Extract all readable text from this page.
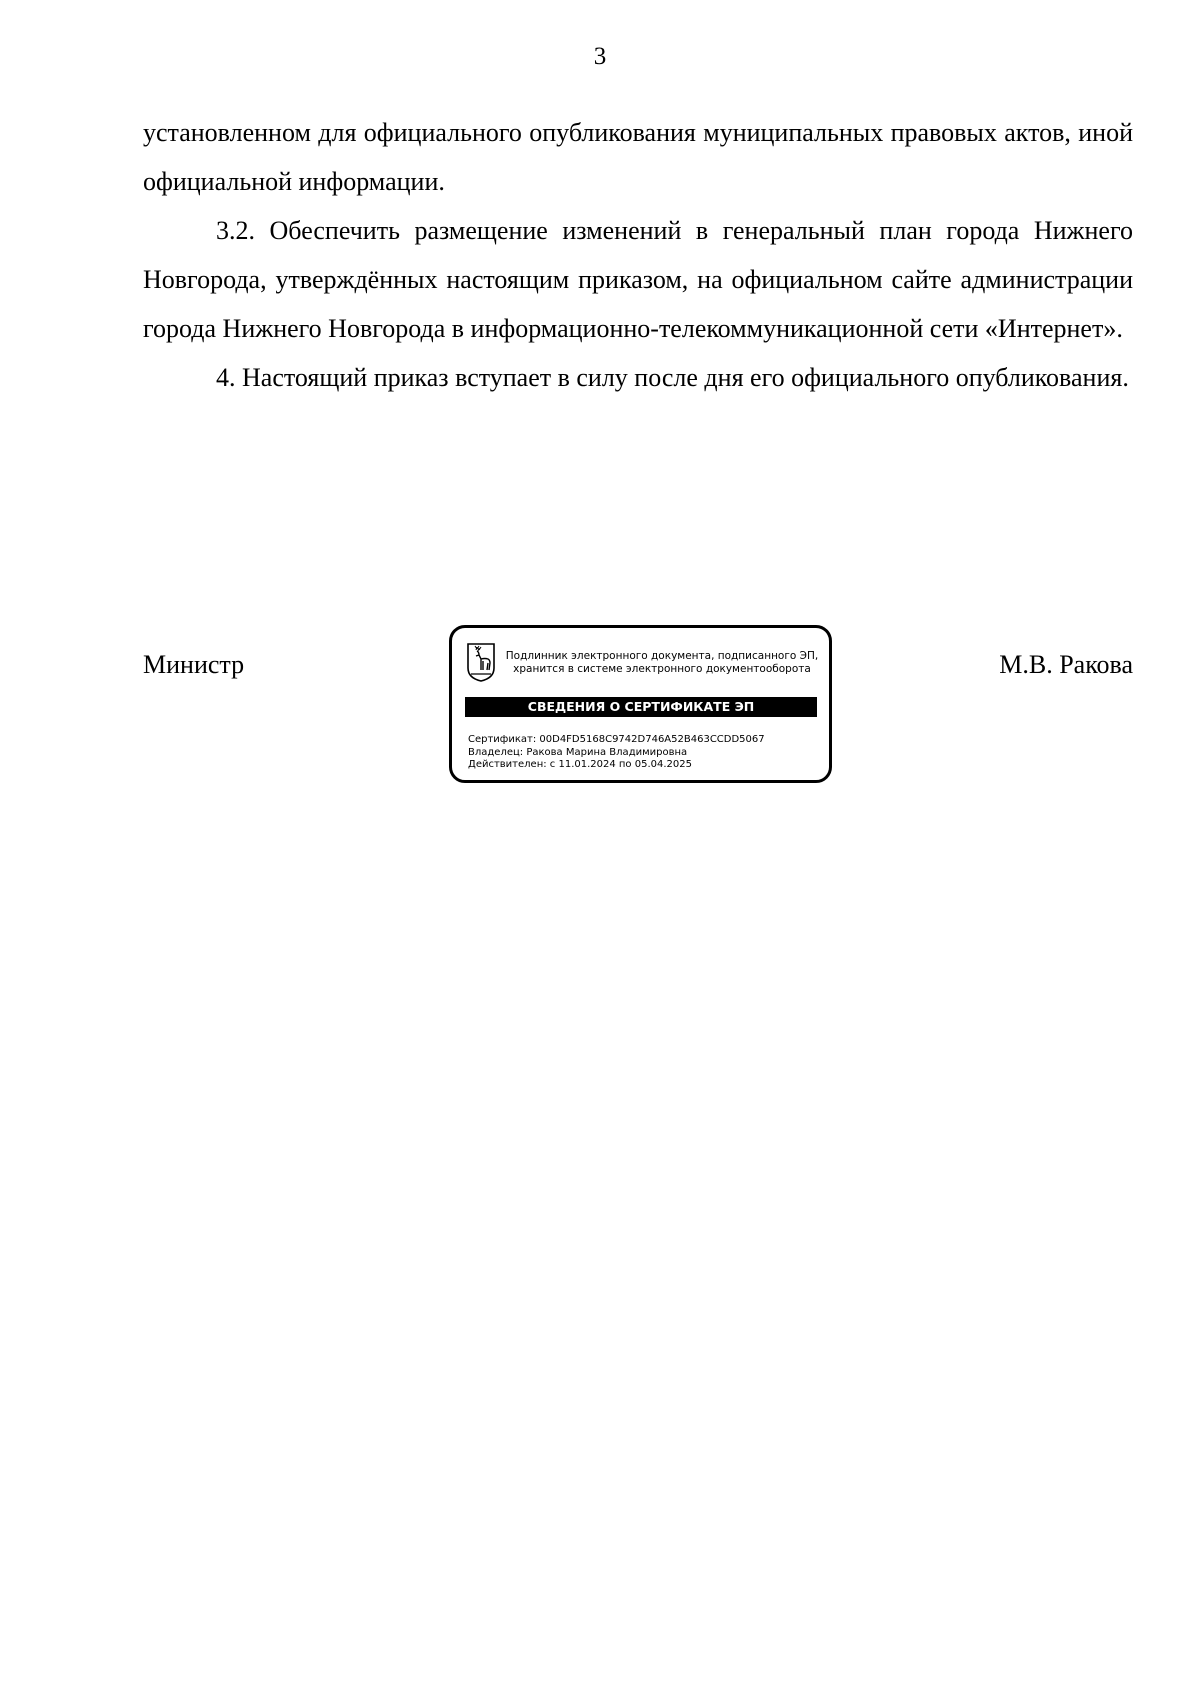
3

установленном для официального опубликования муниципальных правовых актов, иной официальной информации.

3.2. Обеспечить размещение изменений в генеральный план города Нижнего Новгорода, утверждённых настоящим приказом, на официальном сайте администрации города Нижнего Новгорода в информационно-телекоммуникационной сети «Интернет».

4. Настоящий приказ вступает в силу после дня его официального опубликования.

Министр	М.В. Ракова
Подлинник электронного документа, подписанного ЭП,
хранится в системе электронного документооборота
СВЕДЕНИЯ О СЕРТИФИКАТЕ ЭП
Сертификат: 00D4FD5168C9742D746A52B463CCDD5067
Владелец: Ракова Марина Владимировна
Действителен: с 11.01.2024 по 05.04.2025
